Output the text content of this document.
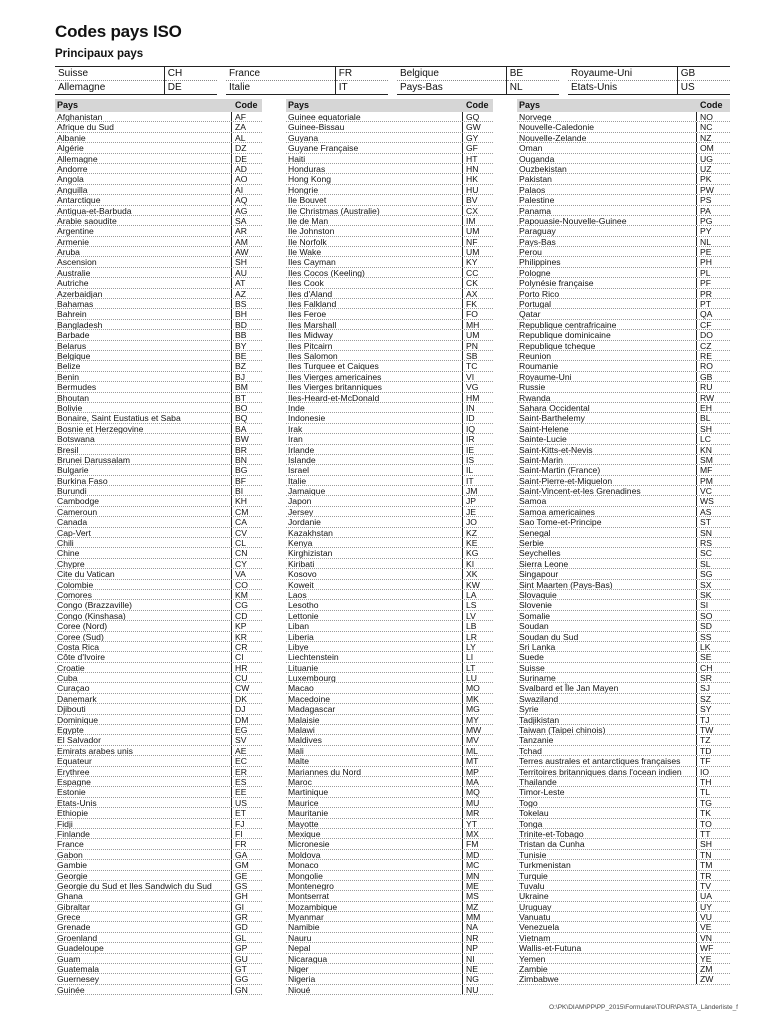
Codes pays ISO
Principaux pays
Suisse	CH		France	FR		Belgique	BE		Royaume-Uni	GB
Allemagne	DE		Italie	IT		Pays-Bas	NL		Etats-Unis	US
Pays	Code
Afghanistan	AF
Afrique du Sud	ZA
Albanie	AL
Algérie	DZ
Allemagne	DE
Andorre	AD
Angola	AO
Anguilla	AI
Antarctique	AQ
Antigua-et-Barbuda	AG
Arabie saoudite	SA
Argentine	AR
Armenie	AM
Aruba	AW
Ascension	SH
Australie	AU
Autriche	AT
Azerbaidjan	AZ
Bahamas	BS
Bahrein	BH
Bangladesh	BD
Barbade	BB
Belarus	BY
Belgique	BE
Belize	BZ
Benin	BJ
Bermudes	BM
Bhoutan	BT
Bolivie	BO
Bonaire, Saint Eustatius et Saba	BQ
Bosnie et Herzegovine	BA
Botswana	BW
Bresil	BR
Brunei Darussalam	BN
Bulgarie	BG
Burkina Faso	BF
Burundi	BI
Cambodge	KH
Cameroun	CM
Canada	CA
Cap-Vert	CV
Chili	CL
Chine	CN
Chypre	CY
Cite du Vatican	VA
Colombie	CO
Comores	KM
Congo (Brazzaville)	CG
Congo (Kinshasa)	CD
Coree (Nord)	KP
Coree (Sud)	KR
Costa Rica	CR
Côte d'Ivoire	CI
Croatie	HR
Cuba	CU
Curaçao	CW
Danemark	DK
Djibouti	DJ
Dominique	DM
Egypte	EG
El Salvador	SV
Emirats arabes unis	AE
Equateur	EC
Erythree	ER
Espagne	ES
Estonie	EE
Etats-Unis	US
Ethiopie	ET
Fidji	FJ
Finlande	FI
France	FR
Gabon	GA
Gambie	GM
Georgie	GE
Georgie du Sud et Iles Sandwich du Sud	GS
Ghana	GH
Gibraltar	GI
Grece	GR
Grenade	GD
Groenland	GL
Guadeloupe	GP
Guam	GU
Guatemala	GT
Guernesey	GG
Guinée	GN
Pays	Code
Guinee equatoriale	GQ
Guinee-Bissau	GW
Guyana	GY
Guyane Française	GF
Haiti	HT
Honduras	HN
Hong Kong	HK
Hongrie	HU
Ile Bouvet	BV
Ile Christmas (Australie)	CX
Ile de Man	IM
Ile Johnston	UM
Ile Norfolk	NF
Ile Wake	UM
Iles Cayman	KY
Iles Cocos (Keeling)	CC
Iles Cook	CK
Iles d'Aland	AX
Iles Falkland	FK
Iles Feroe	FO
Iles Marshall	MH
Iles Midway	UM
Iles Pitcairn	PN
Iles Salomon	SB
Iles Turquee et Caiques	TC
Iles Vierges americaines	VI
Iles Vierges britanniques	VG
Iles-Heard-et-McDonald	HM
Inde	IN
Indonesie	ID
Irak	IQ
Iran	IR
Irlande	IE
Islande	IS
Israel	IL
Italie	IT
Jamaique	JM
Japon	JP
Jersey	JE
Jordanie	JO
Kazakhstan	KZ
Kenya	KE
Kirghizistan	KG
Kiribati	KI
Kosovo	XK
Koweit	KW
Laos	LA
Lesotho	LS
Lettonie	LV
Liban	LB
Liberia	LR
Libye	LY
Liechtenstein	LI
Lituanie	LT
Luxembourg	LU
Macao	MO
Macedoine	MK
Madagascar	MG
Malaisie	MY
Malawi	MW
Maldives	MV
Mali	ML
Malte	MT
Mariannes du Nord	MP
Maroc	MA
Martinique	MQ
Maurice	MU
Mauritanie	MR
Mayotte	YT
Mexique	MX
Micronesie	FM
Moldova	MD
Monaco	MC
Mongolie	MN
Montenegro	ME
Montserrat	MS
Mozambique	MZ
Myanmar	MM
Namibie	NA
Nauru	NR
Nepal	NP
Nicaragua	NI
Niger	NE
Nigeria	NG
Nioué	NU
Pays	Code
Norvege	NO
Nouvelle-Caledonie	NC
Nouvelle-Zelande	NZ
Oman	OM
Ouganda	UG
Ouzbekistan	UZ
Pakistan	PK
Palaos	PW
Palestine	PS
Panama	PA
Papouasie-Nouvelle-Guinee	PG
Paraguay	PY
Pays-Bas	NL
Perou	PE
Philippines	PH
Pologne	PL
Polynésie française	PF
Porto Rico	PR
Portugal	PT
Qatar	QA
Republique centrafricaine	CF
Republique dominicaine	DO
Republique tcheque	CZ
Reunion	RE
Roumanie	RO
Royaume-Uni	GB
Russie	RU
Rwanda	RW
Sahara Occidental	EH
Saint-Barthelemy	BL
Saint-Helene	SH
Sainte-Lucie	LC
Saint-Kitts-et-Nevis	KN
Saint-Marin	SM
Saint-Martin (France)	MF
Saint-Pierre-et-Miquelon	PM
Saint-Vincent-et-les Grenadines	VC
Samoa	WS
Samoa americaines	AS
Sao Tome-et-Principe	ST
Senegal	SN
Serbie	RS
Seychelles	SC
Sierra Leone	SL
Singapour	SG
Sint Maarten (Pays-Bas)	SX
Slovaquie	SK
Slovenie	SI
Somalie	SO
Soudan	SD
Soudan du Sud	SS
Sri Lanka	LK
Suede	SE
Suisse	CH
Suriname	SR
Svalbard et Île Jan Mayen	SJ
Swaziland	SZ
Syrie	SY
Tadjikistan	TJ
Taiwan (Taipei chinois)	TW
Tanzanie	TZ
Tchad	TD
Terres australes et antarctiques françaises	TF
Territoires britanniques dans l'ocean indien	IO
Thailande	TH
Timor-Leste	TL
Togo	TG
Tokelau	TK
Tonga	TO
Trinite-et-Tobago	TT
Tristan da Cunha	SH
Tunisie	TN
Turkmenistan	TM
Turquie	TR
Tuvalu	TV
Ukraine	UA
Uruguay	UY
Vanuatu	VU
Venezuela	VE
Vietnam	VN
Wallis-et-Futuna	WF
Yemen	YE
Zambie	ZM
Zimbabwe	ZW
O:\PK\DIAM\PP\PP_2015\Formulare\TOUR\PASTA_Länderliste_f
